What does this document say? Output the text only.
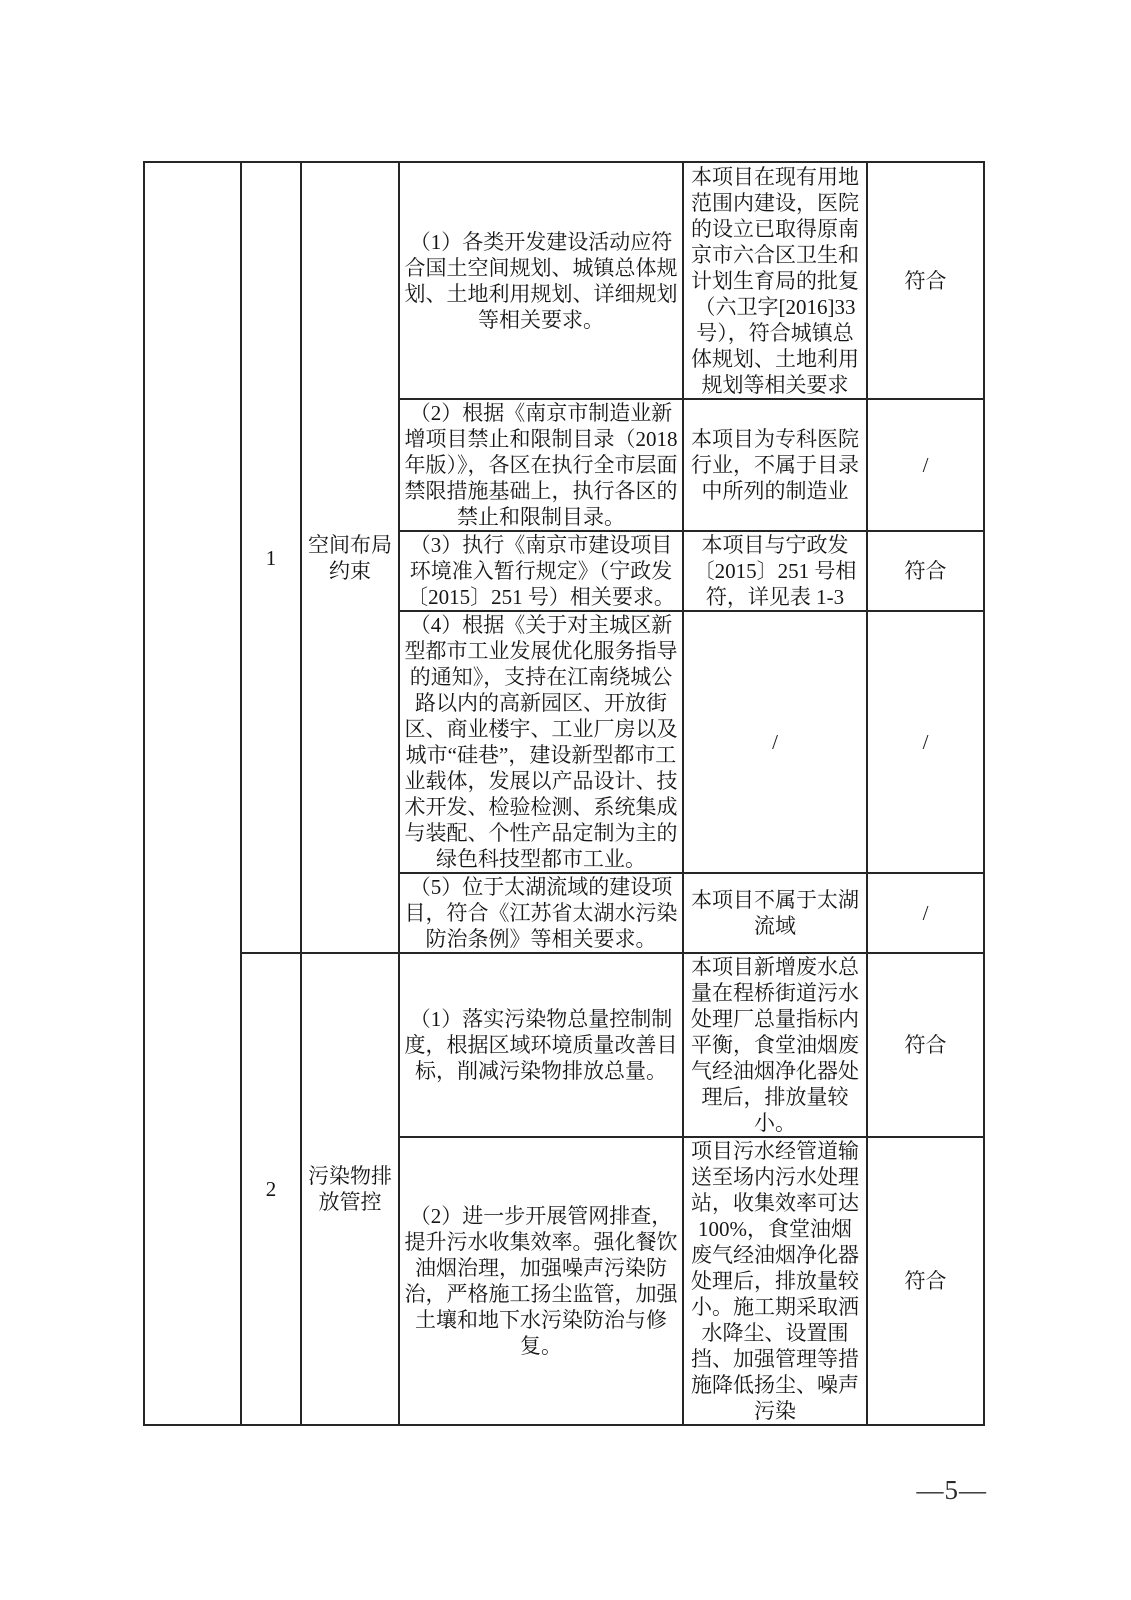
	1	空间布局约束	（1）各类开发建设活动应符合国土空间规划、城镇总体规划、土地利用规划、详细规划等相关要求。	本项目在现有用地范围内建设，医院的设立已取得原南京市六合区卫生和计划生育局的批复（六卫字[2016]33 号），符合城镇总体规划、土地利用规划等相关要求	符合
			（2）根据《南京市制造业新增项目禁止和限制目录（2018 年版）》，各区在执行全市层面禁限措施基础上，执行各区的禁止和限制目录。	本项目为专科医院行业，不属于目录中所列的制造业	/
			（3）执行《南京市建设项目环境准入暂行规定》（宁政发〔2015〕251 号）相关要求。	本项目与宁政发〔2015〕251 号相符，详见表 1-3	符合
			（4）根据《关于对主城区新型都市工业发展优化服务指导的通知》，支持在江南绕城公路以内的高新园区、开放街区、商业楼宇、工业厂房以及城市“硅巷”，建设新型都市工业载体，发展以产品设计、技术开发、检验检测、系统集成与装配、个性产品定制为主的绿色科技型都市工业。	/	/
			（5）位于太湖流域的建设项目，符合《江苏省太湖水污染防治条例》等相关要求。	本项目不属于太湖流域	/
	2	污染物排放管控	（1）落实污染物总量控制制度，根据区域环境质量改善目标，削减污染物排放总量。	本项目新增废水总量在程桥街道污水处理厂总量指标内平衡，食堂油烟废气经油烟净化器处理后，排放量较小。	符合
			（2）进一步开展管网排查，提升污水收集效率。强化餐饮油烟治理，加强噪声污染防治，严格施工扬尘监管，加强土壤和地下水污染防治与修复。	项目污水经管道输送至场内污水处理站，收集效率可达100%，食堂油烟废气经油烟净化器处理后，排放量较小。施工期采取洒水降尘、设置围挡、加强管理等措施降低扬尘、噪声污染	符合
—5—
